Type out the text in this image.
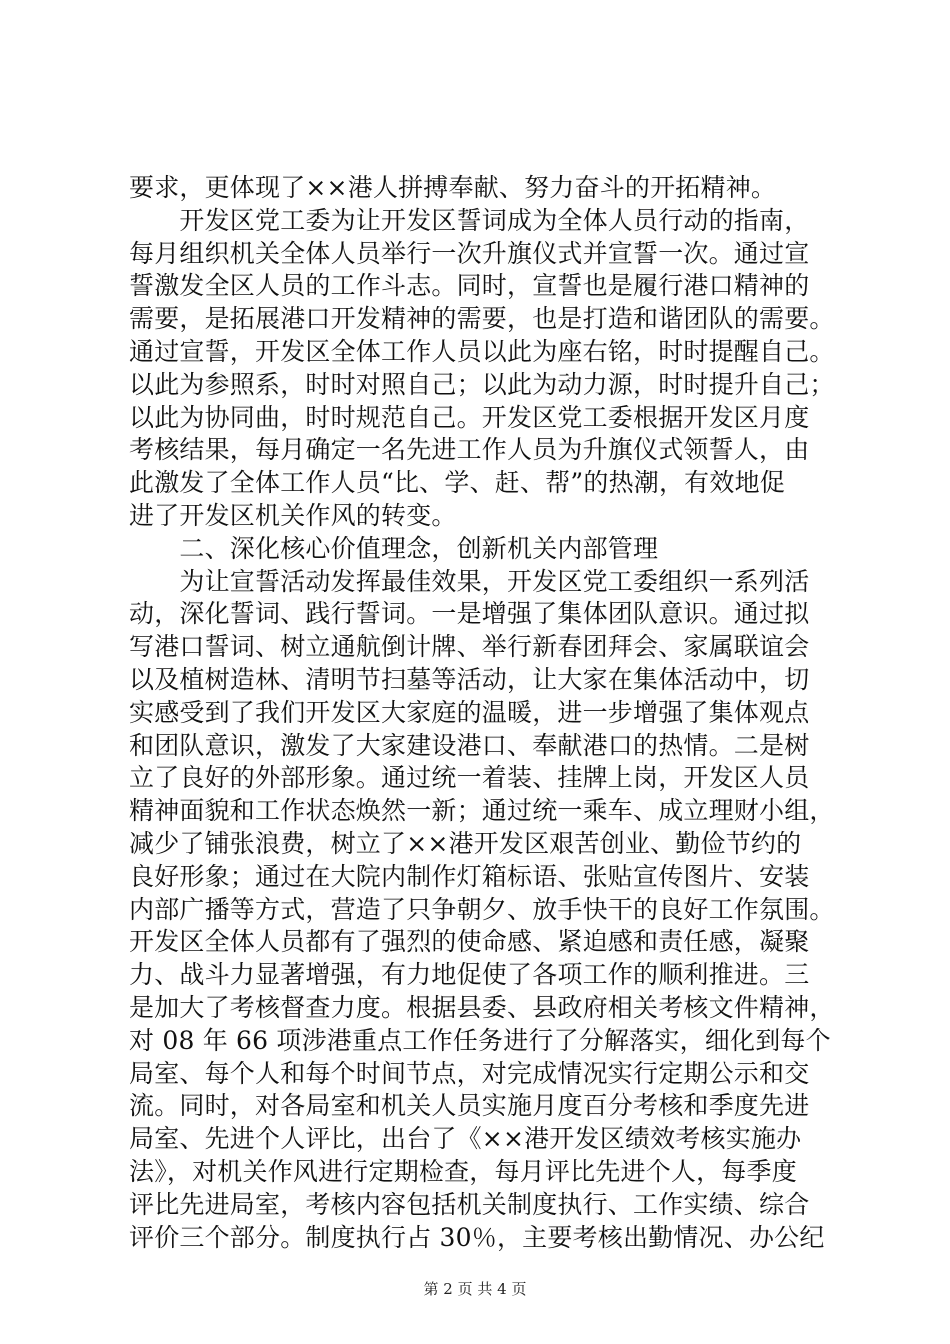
要求，更体现了××港人拼搏奉献、努力奋斗的开拓精神。
　　开发区党工委为让开发区誓词成为全体人员行动的指南，
每月组织机关全体人员举行一次升旗仪式并宣誓一次。通过宣
誓激发全区人员的工作斗志。同时，宣誓也是履行港口精神的
需要，是拓展港口开发精神的需要，也是打造和谐团队的需要。
通过宣誓，开发区全体工作人员以此为座右铭，时时提醒自己。
以此为参照系，时时对照自己；以此为动力源，时时提升自己；
以此为协同曲，时时规范自己。开发区党工委根据开发区月度
考核结果，每月确定一名先进工作人员为升旗仪式领誓人，由
此激发了全体工作人员“比、学、赶、帮”的热潮，有效地促
进了开发区机关作风的转变。
　　二、深化核心价值理念，创新机关内部管理
　　为让宣誓活动发挥最佳效果，开发区党工委组织一系列活
动，深化誓词、践行誓词。一是增强了集体团队意识。通过拟
写港口誓词、树立通航倒计牌、举行新春团拜会、家属联谊会
以及植树造林、清明节扫墓等活动，让大家在集体活动中，切
实感受到了我们开发区大家庭的温暖，进一步增强了集体观点
和团队意识，激发了大家建设港口、奉献港口的热情。二是树
立了良好的外部形象。通过统一着装、挂牌上岗，开发区人员
精神面貌和工作状态焕然一新；通过统一乘车、成立理财小组，
减少了铺张浪费，树立了××港开发区艰苦创业、勤俭节约的
良好形象；通过在大院内制作灯箱标语、张贴宣传图片、安装
内部广播等方式，营造了只争朝夕、放手快干的良好工作氛围。
开发区全体人员都有了强烈的使命感、紧迫感和责任感，凝聚
力、战斗力显著增强，有力地促使了各项工作的顺利推进。三
是加大了考核督查力度。根据县委、县政府相关考核文件精神，
对 08 年 66 项涉港重点工作任务进行了分解落实，细化到每个
局室、每个人和每个时间节点，对完成情况实行定期公示和交
流。同时，对各局室和机关人员实施月度百分考核和季度先进
局室、先进个人评比，出台了《××港开发区绩效考核实施办
法》，对机关作风进行定期检查，每月评比先进个人，每季度
评比先进局室，考核内容包括机关制度执行、工作实绩、综合
评价三个部分。制度执行占 30％，主要考核出勤情况、办公纪
第 2 页 共 4 页
